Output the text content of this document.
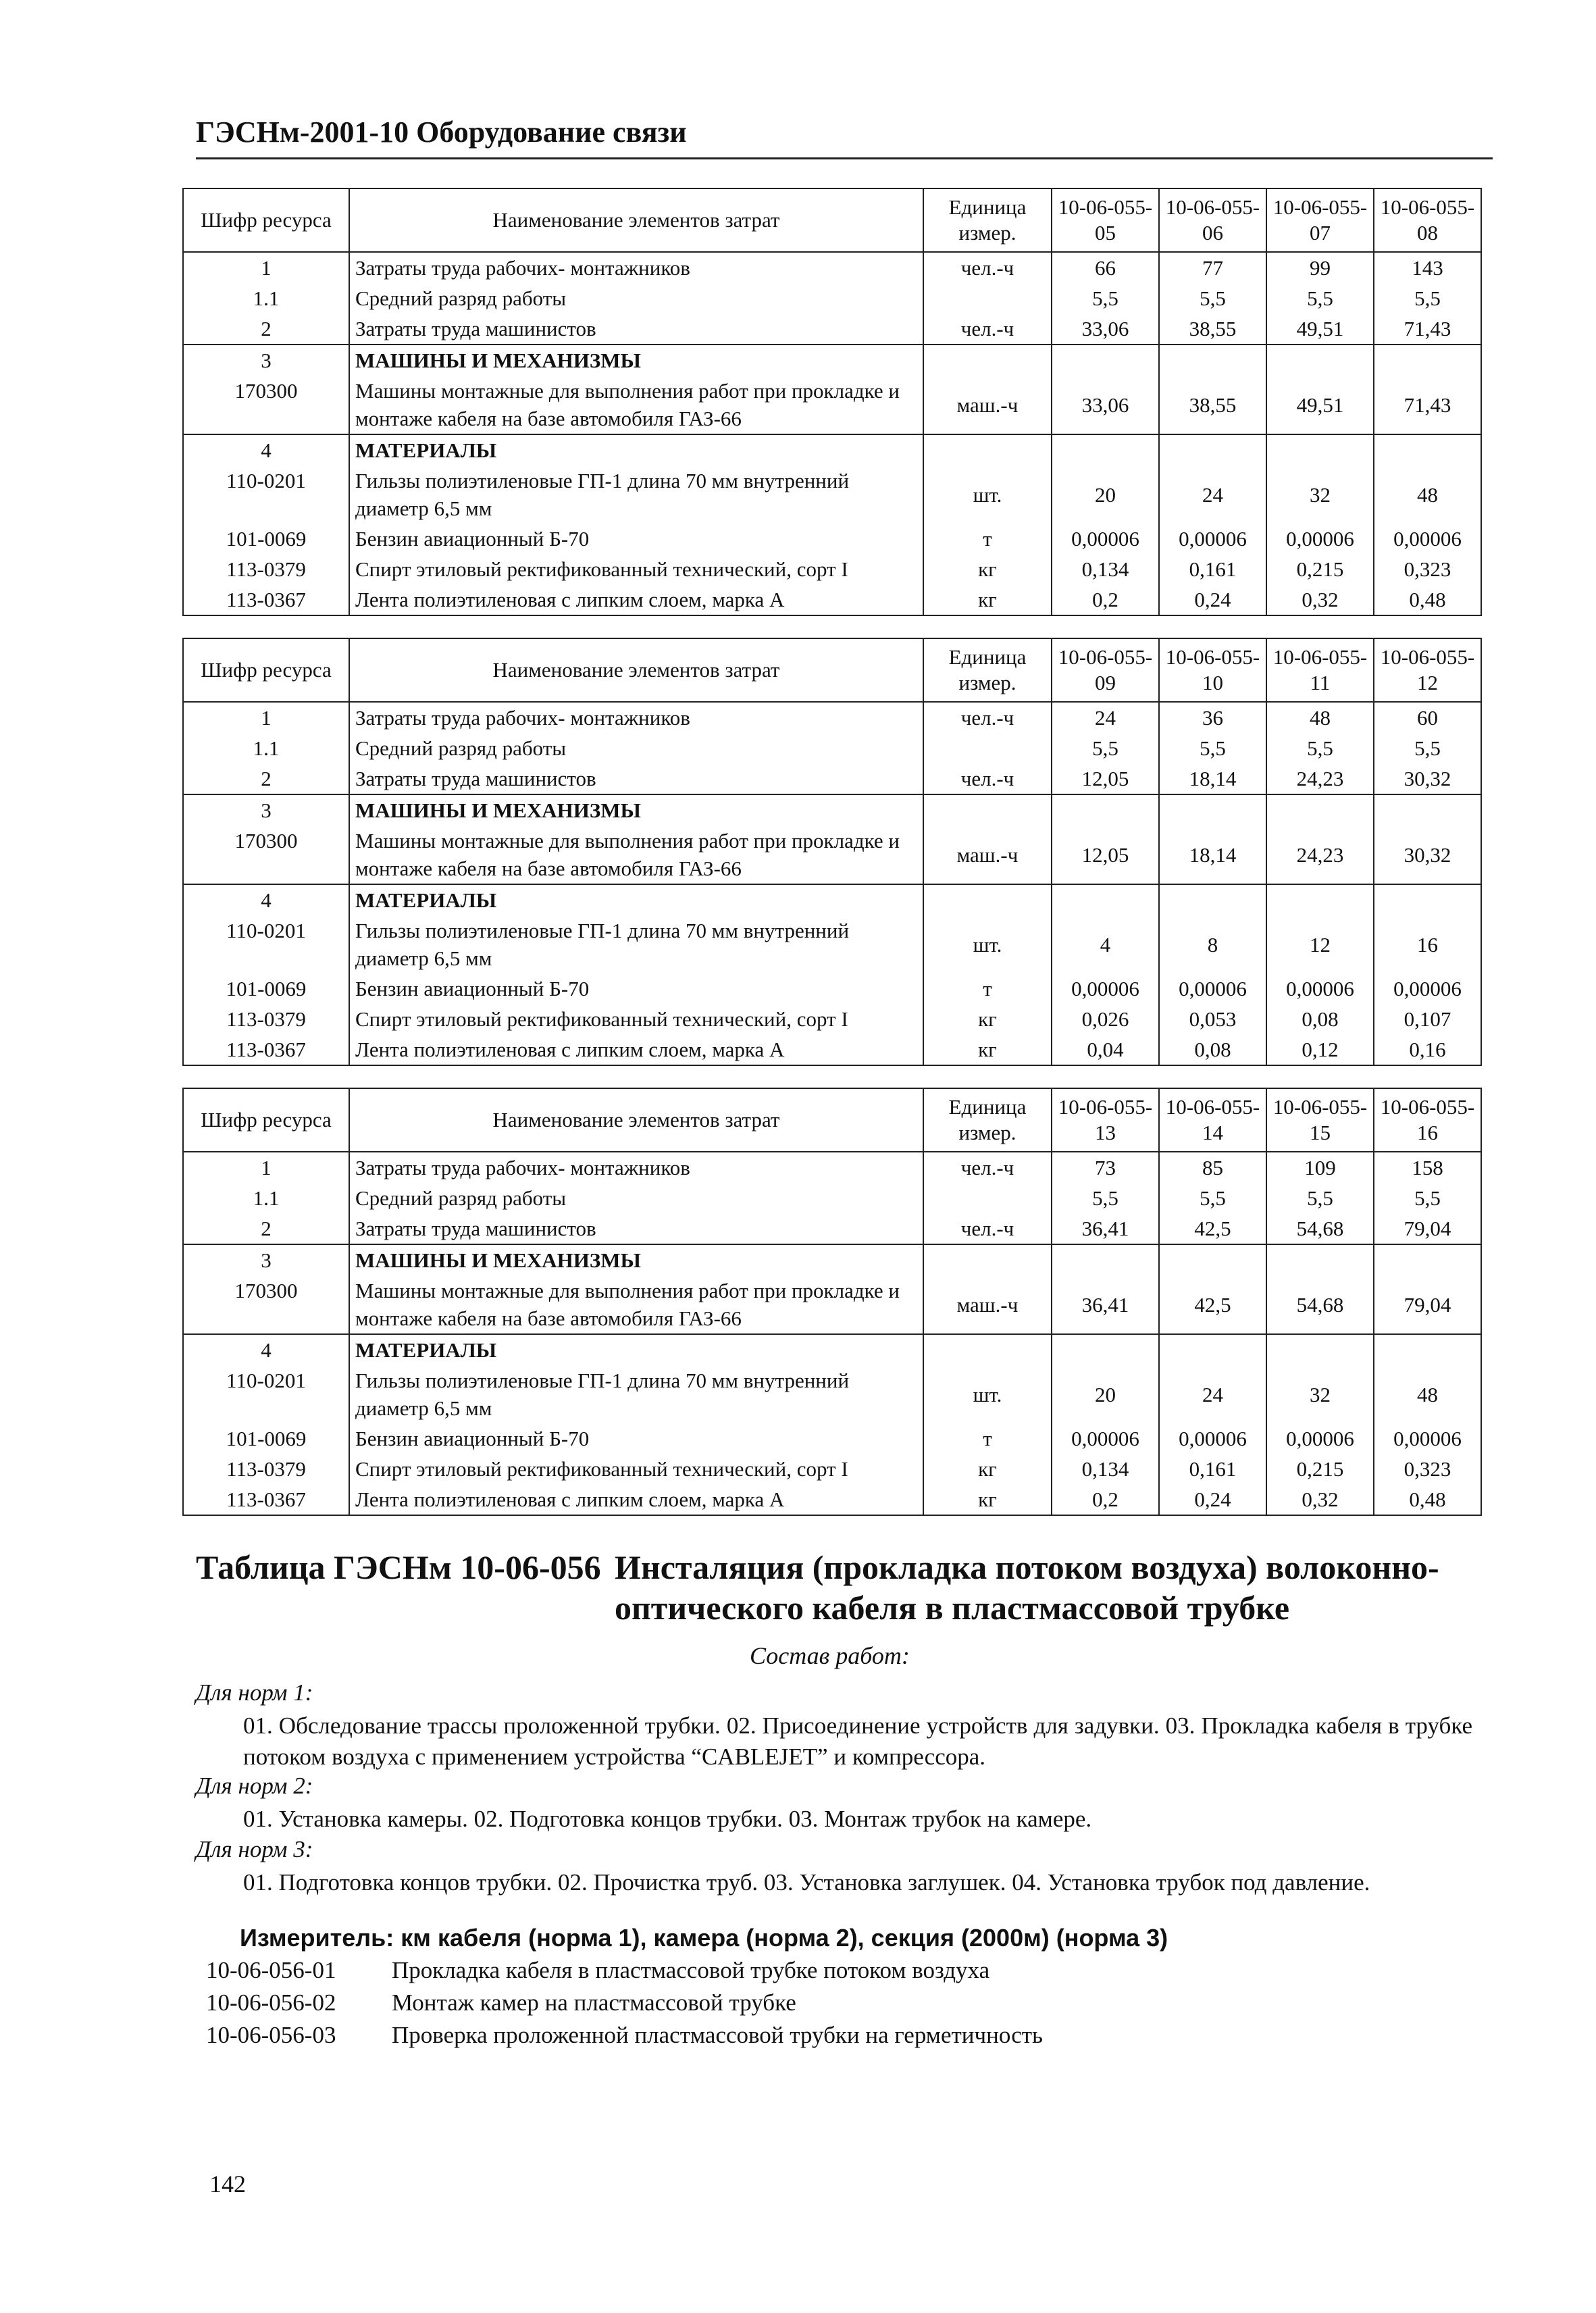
ГЭСНм-2001-10 Оборудование связи
Шифр ресурса	Наименование элементов затрат	Единица измер.	10-06-055-05	10-06-055-06	10-06-055-07	10-06-055-08
1	Затраты труда рабочих- монтажников	чел.-ч	66	77	99	143
1.1	Средний разряд работы		5,5	5,5	5,5	5,5
2	Затраты труда машинистов	чел.-ч	33,06	38,55	49,51	71,43
3	МАШИНЫ И МЕХАНИЗМЫ					
170300	Машины монтажные для выполнения работ при прокладке и монтаже кабеля на базе автомобиля ГАЗ-66	маш.-ч	33,06	38,55	49,51	71,43
4	МАТЕРИАЛЫ					
110-0201	Гильзы полиэтиленовые ГП-1 длина 70 мм внутренний диаметр 6,5 мм	шт.	20	24	32	48
101-0069	Бензин авиационный Б-70	т	0,00006	0,00006	0,00006	0,00006
113-0379	Спирт этиловый ректификованный технический, сорт I	кг	0,134	0,161	0,215	0,323
113-0367	Лента полиэтиленовая с липким слоем, марка А	кг	0,2	0,24	0,32	0,48
Шифр ресурса	Наименование элементов затрат	Единица измер.	10-06-055-09	10-06-055-10	10-06-055-11	10-06-055-12
1	Затраты труда рабочих- монтажников	чел.-ч	24	36	48	60
1.1	Средний разряд работы		5,5	5,5	5,5	5,5
2	Затраты труда машинистов	чел.-ч	12,05	18,14	24,23	30,32
3	МАШИНЫ И МЕХАНИЗМЫ					
170300	Машины монтажные для выполнения работ при прокладке и монтаже кабеля на базе автомобиля ГАЗ-66	маш.-ч	12,05	18,14	24,23	30,32
4	МАТЕРИАЛЫ					
110-0201	Гильзы полиэтиленовые ГП-1 длина 70 мм внутренний диаметр 6,5 мм	шт.	4	8	12	16
101-0069	Бензин авиационный Б-70	т	0,00006	0,00006	0,00006	0,00006
113-0379	Спирт этиловый ректификованный технический, сорт I	кг	0,026	0,053	0,08	0,107
113-0367	Лента полиэтиленовая с липким слоем, марка А	кг	0,04	0,08	0,12	0,16
Шифр ресурса	Наименование элементов затрат	Единица измер.	10-06-055-13	10-06-055-14	10-06-055-15	10-06-055-16
1	Затраты труда рабочих- монтажников	чел.-ч	73	85	109	158
1.1	Средний разряд работы		5,5	5,5	5,5	5,5
2	Затраты труда машинистов	чел.-ч	36,41	42,5	54,68	79,04
3	МАШИНЫ И МЕХАНИЗМЫ					
170300	Машины монтажные для выполнения работ при прокладке и монтаже кабеля на базе автомобиля ГАЗ-66	маш.-ч	36,41	42,5	54,68	79,04
4	МАТЕРИАЛЫ					
110-0201	Гильзы полиэтиленовые ГП-1 длина 70 мм внутренний диаметр 6,5 мм	шт.	20	24	32	48
101-0069	Бензин авиационный Б-70	т	0,00006	0,00006	0,00006	0,00006
113-0379	Спирт этиловый ректификованный технический, сорт I	кг	0,134	0,161	0,215	0,323
113-0367	Лента полиэтиленовая с липким слоем, марка А	кг	0,2	0,24	0,32	0,48
Таблица ГЭСНм 10-06-056 Инсталяция (прокладка потоком воздуха) волоконно-оптического кабеля в пластмассовой трубке
Состав работ:
Для норм 1:
01. Обследование трассы проложенной трубки. 02. Присоединение устройств для задувки. 03. Прокладка кабеля в трубке потоком воздуха с применением устройства “CABLEJET” и компрессора.
Для норм 2:
01. Установка камеры. 02. Подготовка концов трубки. 03. Монтаж трубок на камере.
Для норм 3:
01. Подготовка концов трубки. 02. Прочистка труб. 03. Установка заглушек. 04. Установка трубок под давление.
Измеритель: км кабеля (норма 1), камера (норма 2), секция (2000м) (норма 3)
10-06-056-01 Прокладка кабеля в пластмассовой трубке потоком воздуха
10-06-056-02 Монтаж камер на пластмассовой трубке
10-06-056-03 Проверка проложенной пластмассовой трубки на герметичность
142
